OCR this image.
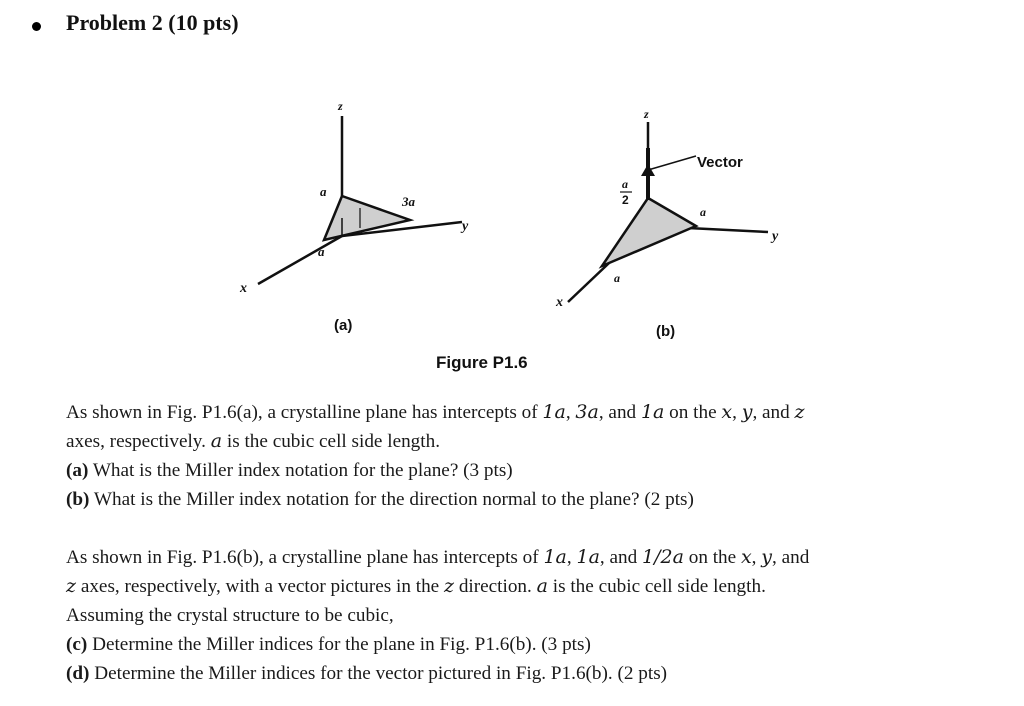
Problem 2 (10 pts)
z
y
x
a
3a
a
(a)
Vector
z
y
x
a
2
a
a
(b)
Figure P1.6

As shown in Fig. P1.6(a), a crystalline plane has intercepts of 1a, 3a, and 1a on the x, y, and z

axes, respectively. a is the cubic cell side length.

(a) What is the Miller index notation for the plane? (3 pts)

(b) What is the Miller index notation for the direction normal to the plane? (2 pts)

As shown in Fig. P1.6(b), a crystalline plane has intercepts of 1a, 1a, and 1/2a on the x, y, and

z axes, respectively, with a vector pictures in the z direction. a is the cubic cell side length.

Assuming the crystal structure to be cubic,

(c) Determine the Miller indices for the plane in Fig. P1.6(b). (3 pts)

(d) Determine the Miller indices for the vector pictured in Fig. P1.6(b). (2 pts)
